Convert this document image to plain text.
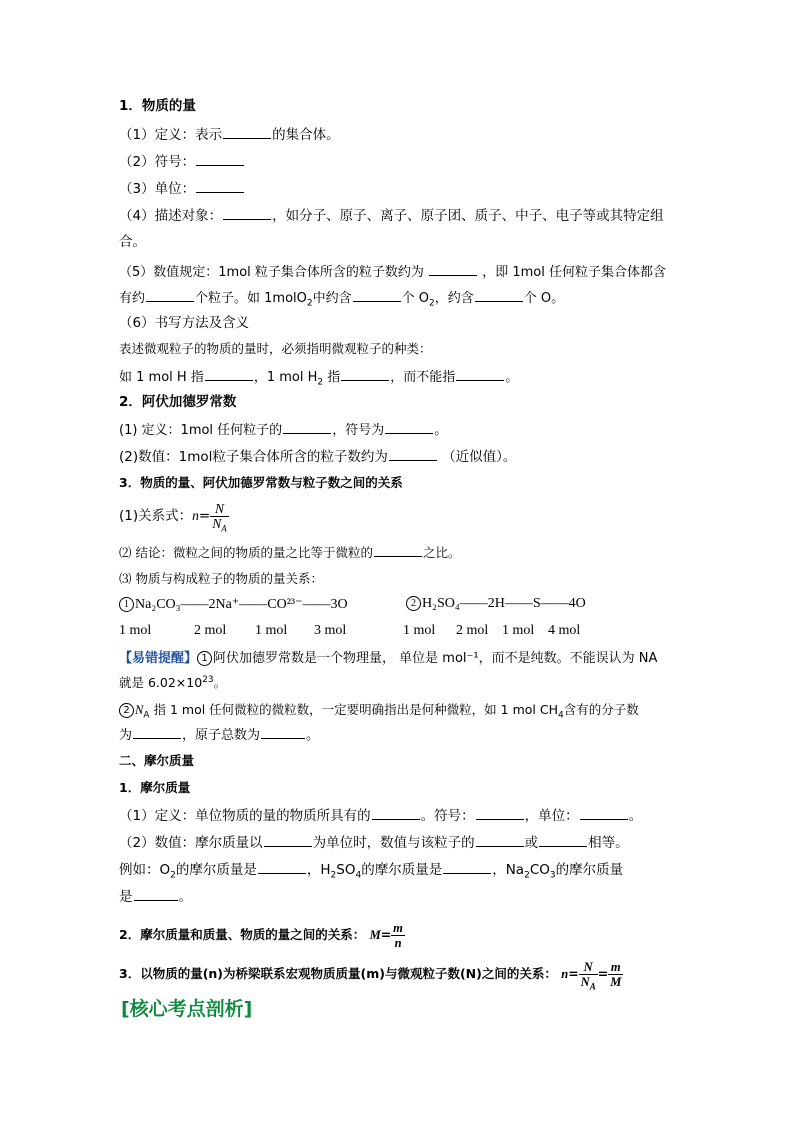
1．物质的量
（1）定义：表示	的集合体。
（2）符号：
（3）单位：
（4）描述对象：	，如分子、原子、离子、原子团、质子、中子、电子等或其特定组
合。
（5）数值规定：1mol 粒子集合体所含的粒子数约为	，即 1mol 任何粒子集合体都含
有约	个粒子。如 1molO$_2$中约含	个 $O_2$，约含	个 O。
（6）书写方法及含义
表述微观粒子的物质的量时，必须指明微观粒子的种类：
如 1 mol H 指	，1 mol $H_2$ 指	，而不能指	。
2．阿伏加德罗常数
(1) 定义：1mol 任何粒子的	，符号为	。
(2)数值：1mol粒子集合体所含的粒子数约为	（近似值）。
3．物质的量、阿伏加德罗常数与粒子数之间的关系
(1)关系式：$n= \frac{N}{N_A}$
⑵ 结论：微粒之间的物质的量之比等于微粒的	之比。
⑶ 物质与构成粒子的物质的量关系：
1 Na₂CO₃——2Na⁺——CO²³⁻——3O	2 H₂SO₄——2H——S——4O
1 mol	2 mol 1 mol 3 mol	1 mol 2 mol 1 mol 4 mol
【易错提醒】 1 阿伏加德罗常数是一个物理量， 单位是 mol⁻¹，而不是纯数。不能误认为 NA
就是 $6.02\times 10^{23}$。
2 $N_A$ 指 1 mol 任何微粒的微粒数，一定要明确指出是何种微粒，如 1 mol $CH_4$含有的分子数
为	，原子总数为	。
二、摩尔质量
1．摩尔质量
（1）定义：单位物质的量的物质所具有的	。符号：	，单位：	。
（2）数值：摩尔质量以	为单位时，数值与该粒子的	或	相等。
例如：$O_2$的摩尔质量是	，$H_2SO_4$的摩尔质量是	，$Na_2CO_3$的摩尔质量
是	。
2．摩尔质量和质量、物质的量之间的关系： $M= \frac{m}{n}$
3．以物质的量(n)为桥梁联系宏观物质质量(m)与微观粒子数(N)之间的关系： $n= \frac{N}{N_A} = \frac{m}{M}$
[核心考点剖析]
